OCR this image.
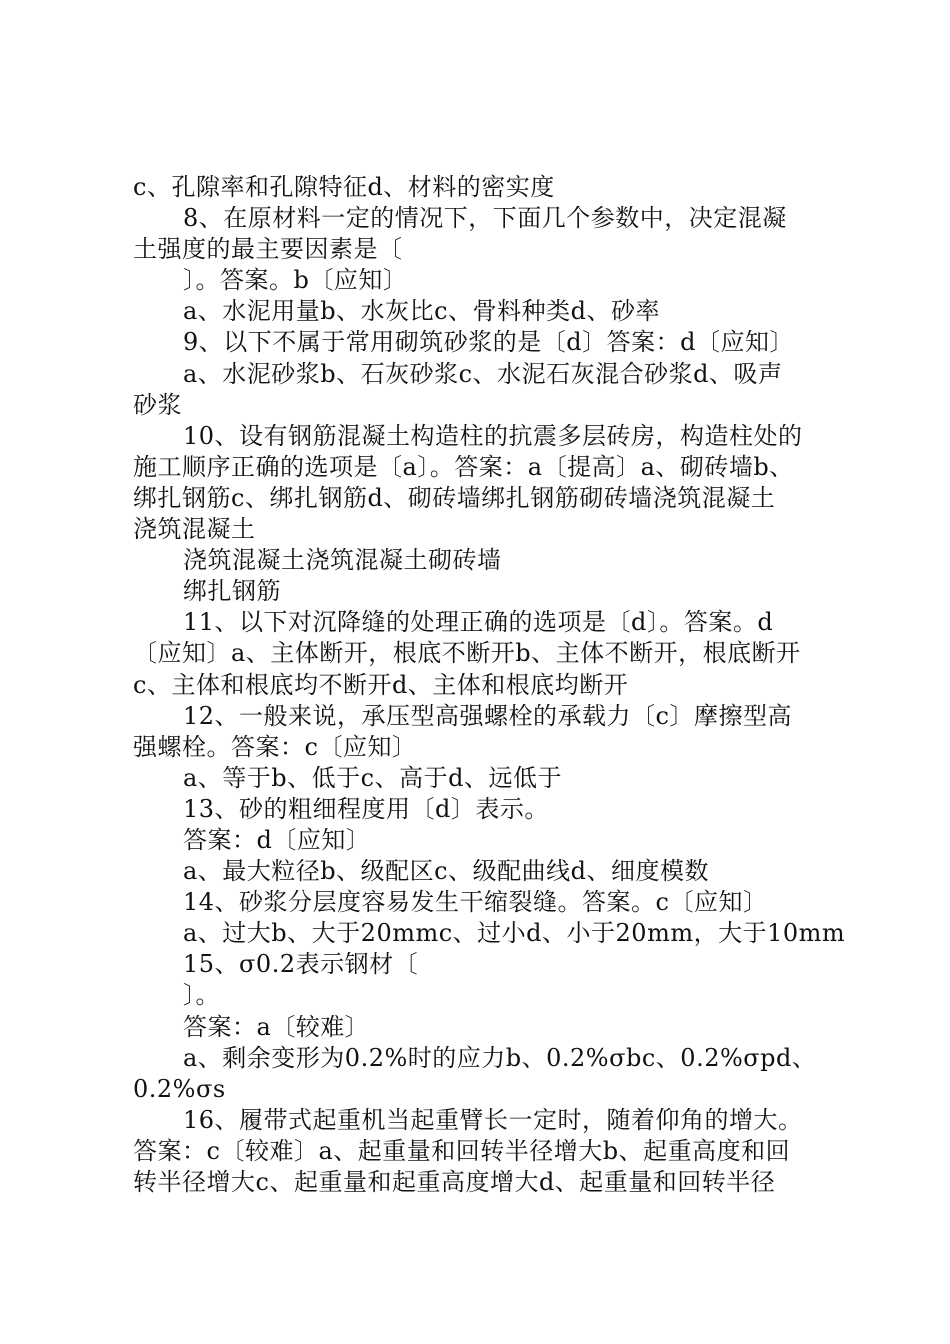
c、孔隙率和孔隙特征d、材料的密实度
8、在原材料一定的情况下，下面几个参数中，决定混凝
土强度的最主要因素是〔
〕。答案。b〔应知〕
a、水泥用量b、水灰比c、骨料种类d、砂率
9、以下不属于常用砌筑砂浆的是〔d〕答案：d〔应知〕
a、水泥砂浆b、石灰砂浆c、水泥石灰混合砂浆d、吸声
砂浆
10、设有钢筋混凝土构造柱的抗震多层砖房，构造柱处的
施工顺序正确的选项是〔a〕。答案：a〔提高〕a、砌砖墙b、
绑扎钢筋c、绑扎钢筋d、砌砖墙绑扎钢筋砌砖墙浇筑混凝土
浇筑混凝土
浇筑混凝土浇筑混凝土砌砖墙
绑扎钢筋
11、以下对沉降缝的处理正确的选项是〔d〕。答案。d
〔应知〕a、主体断开，根底不断开b、主体不断开，根底断开
c、主体和根底均不断开d、主体和根底均断开
12、一般来说，承压型高强螺栓的承载力〔c〕摩擦型高
强螺栓。答案：c〔应知〕
a、等于b、低于c、高于d、远低于
13、砂的粗细程度用〔d〕表示。
答案：d〔应知〕
a、最大粒径b、级配区c、级配曲线d、细度模数
14、砂浆分层度容易发生干缩裂缝。答案。c〔应知〕
a、过大b、大于20mmc、过小d、小于20mm，大于10mm
15、σ0.2表示钢材〔
〕。
答案：a〔较难〕
a、剩余变形为0.2%时的应力b、0.2%σbc、0.2%σpd、
0.2%σs
16、履带式起重机当起重臂长一定时，随着仰角的增大。
答案：c〔较难〕a、起重量和回转半径增大b、起重高度和回
转半径增大c、起重量和起重高度增大d、起重量和回转半径
